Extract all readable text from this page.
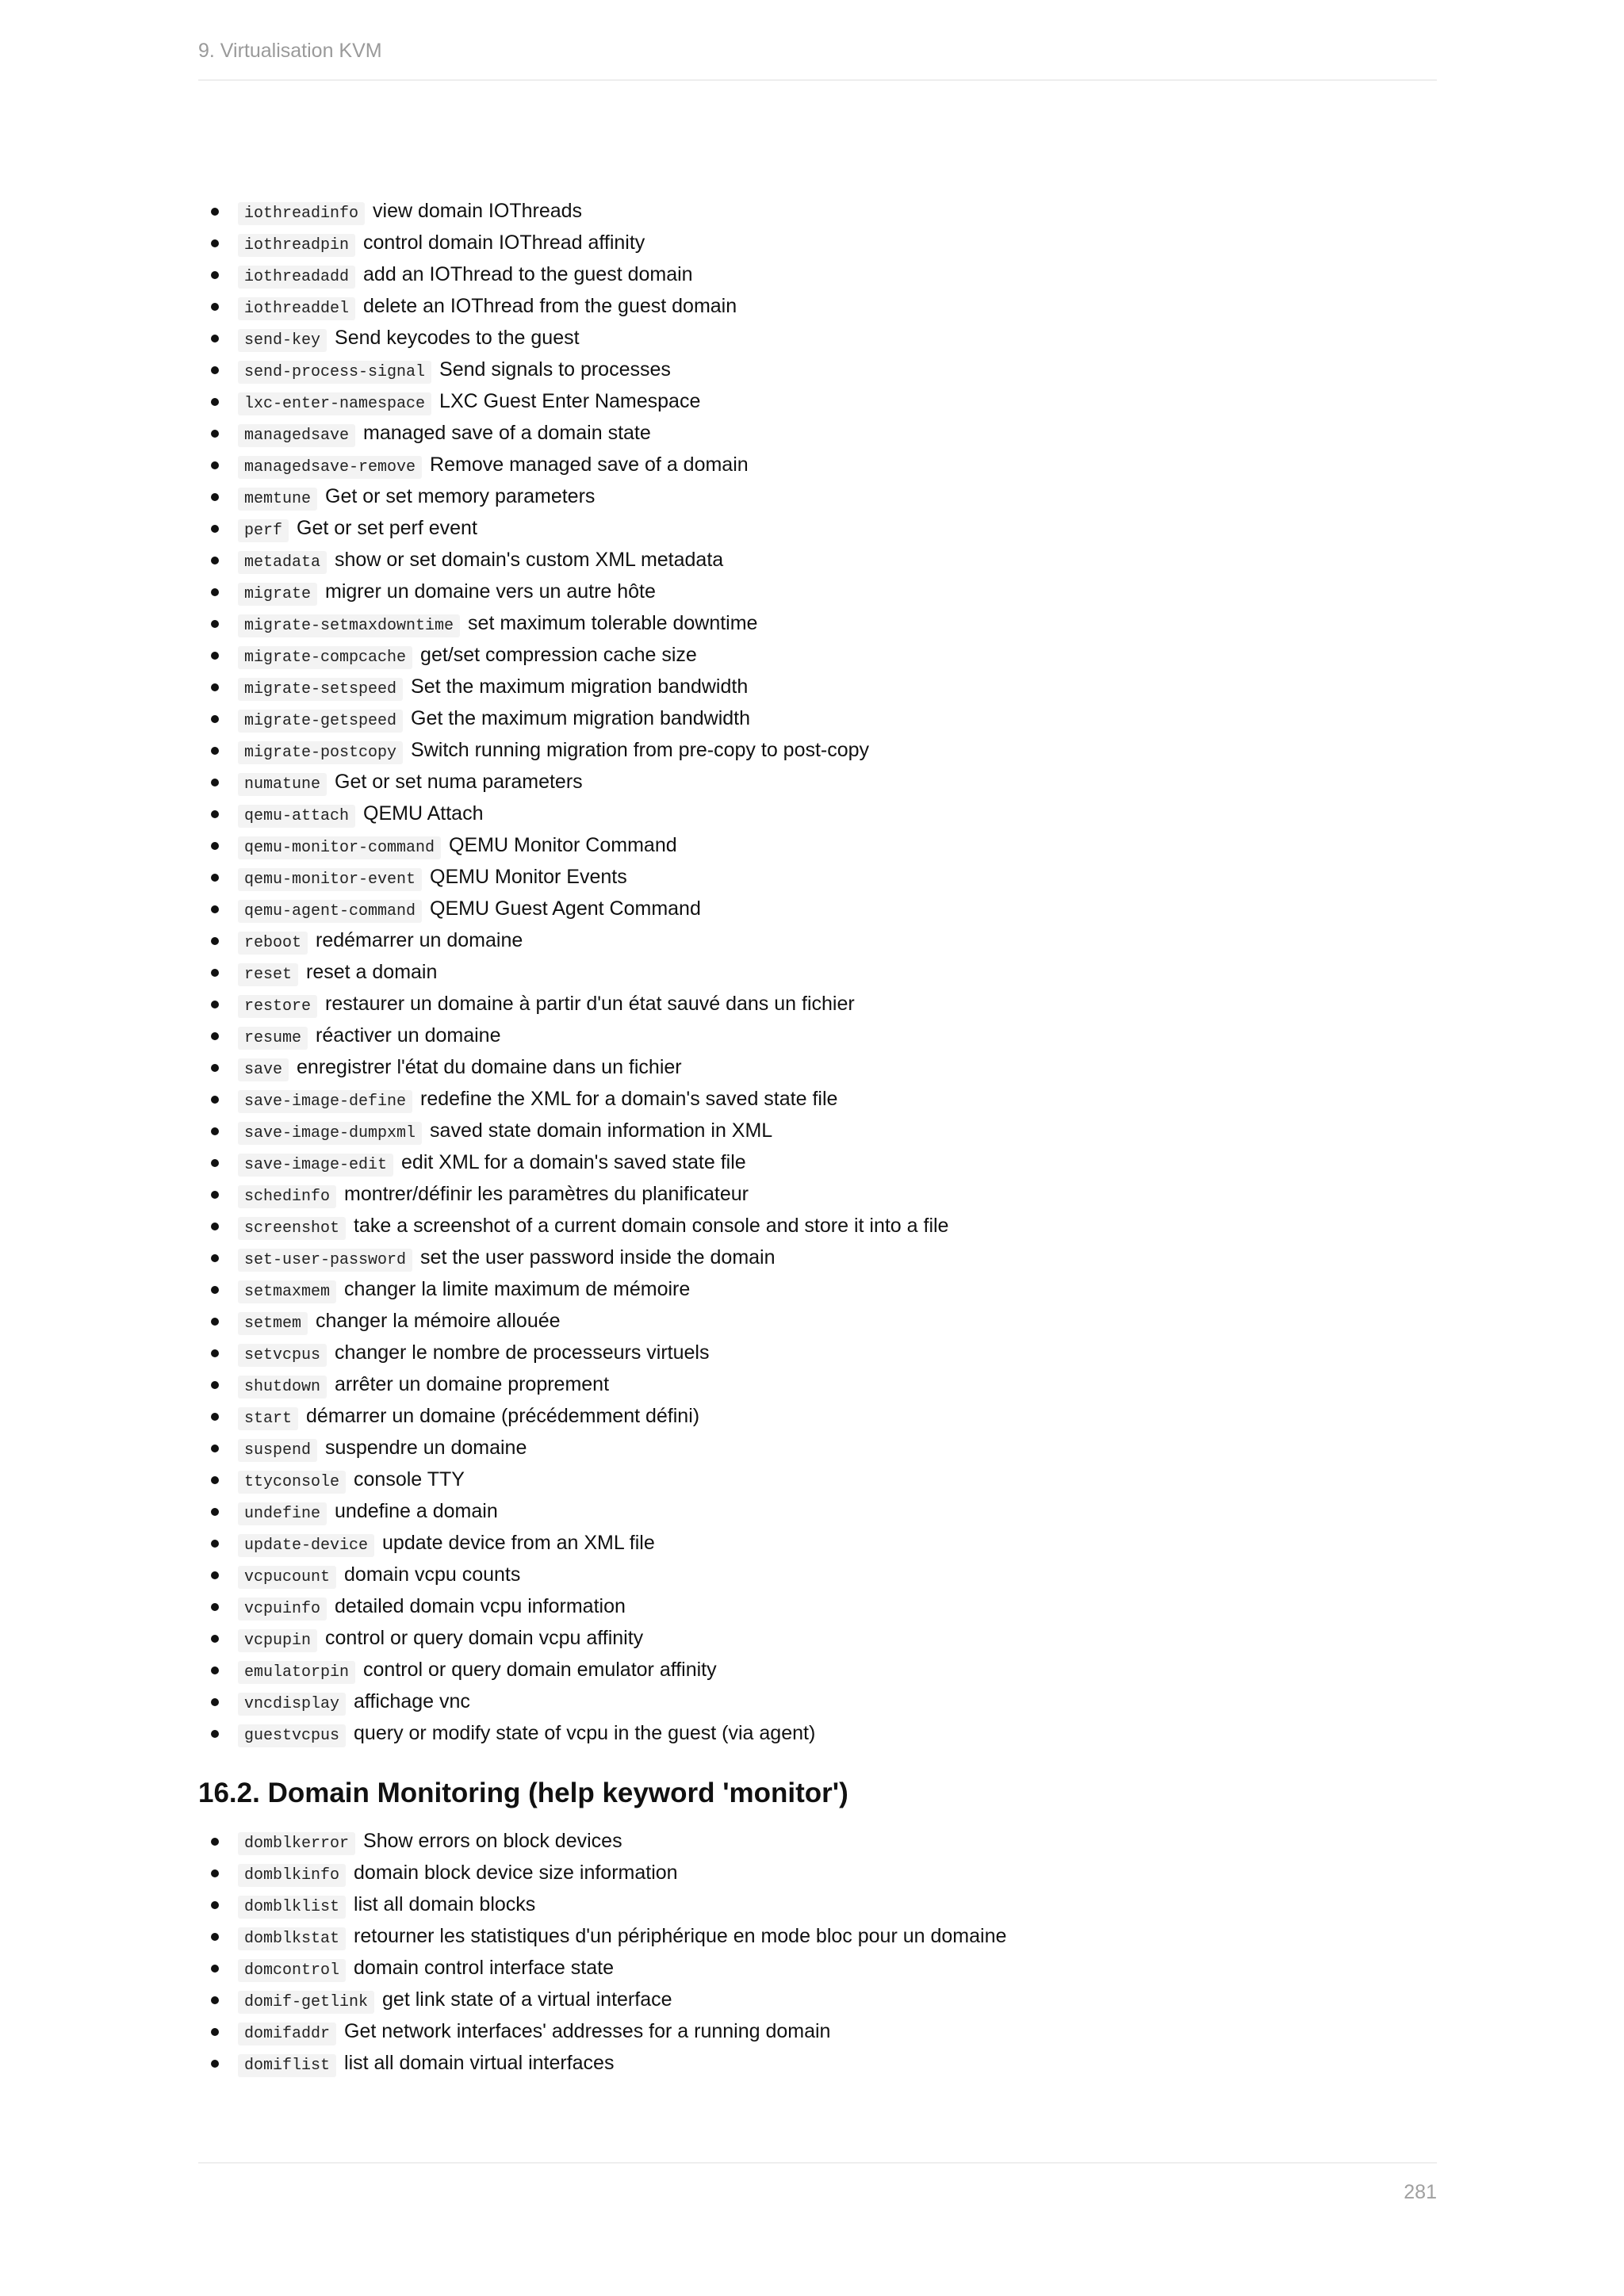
9. Virtualisation KVM
iothreadinfo view domain IOThreads
iothreadpin control domain IOThread affinity
iothreadadd add an IOThread to the guest domain
iothreaddel delete an IOThread from the guest domain
send-key Send keycodes to the guest
send-process-signal Send signals to processes
lxc-enter-namespace LXC Guest Enter Namespace
managedsave managed save of a domain state
managedsave-remove Remove managed save of a domain
memtune Get or set memory parameters
perf Get or set perf event
metadata show or set domain's custom XML metadata
migrate migrer un domaine vers un autre hôte
migrate-setmaxdowntime set maximum tolerable downtime
migrate-compcache get/set compression cache size
migrate-setspeed Set the maximum migration bandwidth
migrate-getspeed Get the maximum migration bandwidth
migrate-postcopy Switch running migration from pre-copy to post-copy
numatune Get or set numa parameters
qemu-attach QEMU Attach
qemu-monitor-command QEMU Monitor Command
qemu-monitor-event QEMU Monitor Events
qemu-agent-command QEMU Guest Agent Command
reboot redémarrer un domaine
reset reset a domain
restore restaurer un domaine à partir d'un état sauvé dans un fichier
resume réactiver un domaine
save enregistrer l'état du domaine dans un fichier
save-image-define redefine the XML for a domain's saved state file
save-image-dumpxml saved state domain information in XML
save-image-edit edit XML for a domain's saved state file
schedinfo montrer/définir les paramètres du planificateur
screenshot take a screenshot of a current domain console and store it into a file
set-user-password set the user password inside the domain
setmaxmem changer la limite maximum de mémoire
setmem changer la mémoire allouée
setvcpus changer le nombre de processeurs virtuels
shutdown arrêter un domaine proprement
start démarrer un domaine (précédemment défini)
suspend suspendre un domaine
ttyconsole console TTY
undefine undefine a domain
update-device update device from an XML file
vcpucount domain vcpu counts
vcpuinfo detailed domain vcpu information
vcpupin control or query domain vcpu affinity
emulatorpin control or query domain emulator affinity
vncdisplay affichage vnc
guestvcpus query or modify state of vcpu in the guest (via agent)
16.2. Domain Monitoring (help keyword 'monitor')
domblkerror Show errors on block devices
domblkinfo domain block device size information
domblklist list all domain blocks
domblkstat retourner les statistiques d'un périphérique en mode bloc pour un domaine
domcontrol domain control interface state
domif-getlink get link state of a virtual interface
domifaddr Get network interfaces' addresses for a running domain
domiflist list all domain virtual interfaces
281
